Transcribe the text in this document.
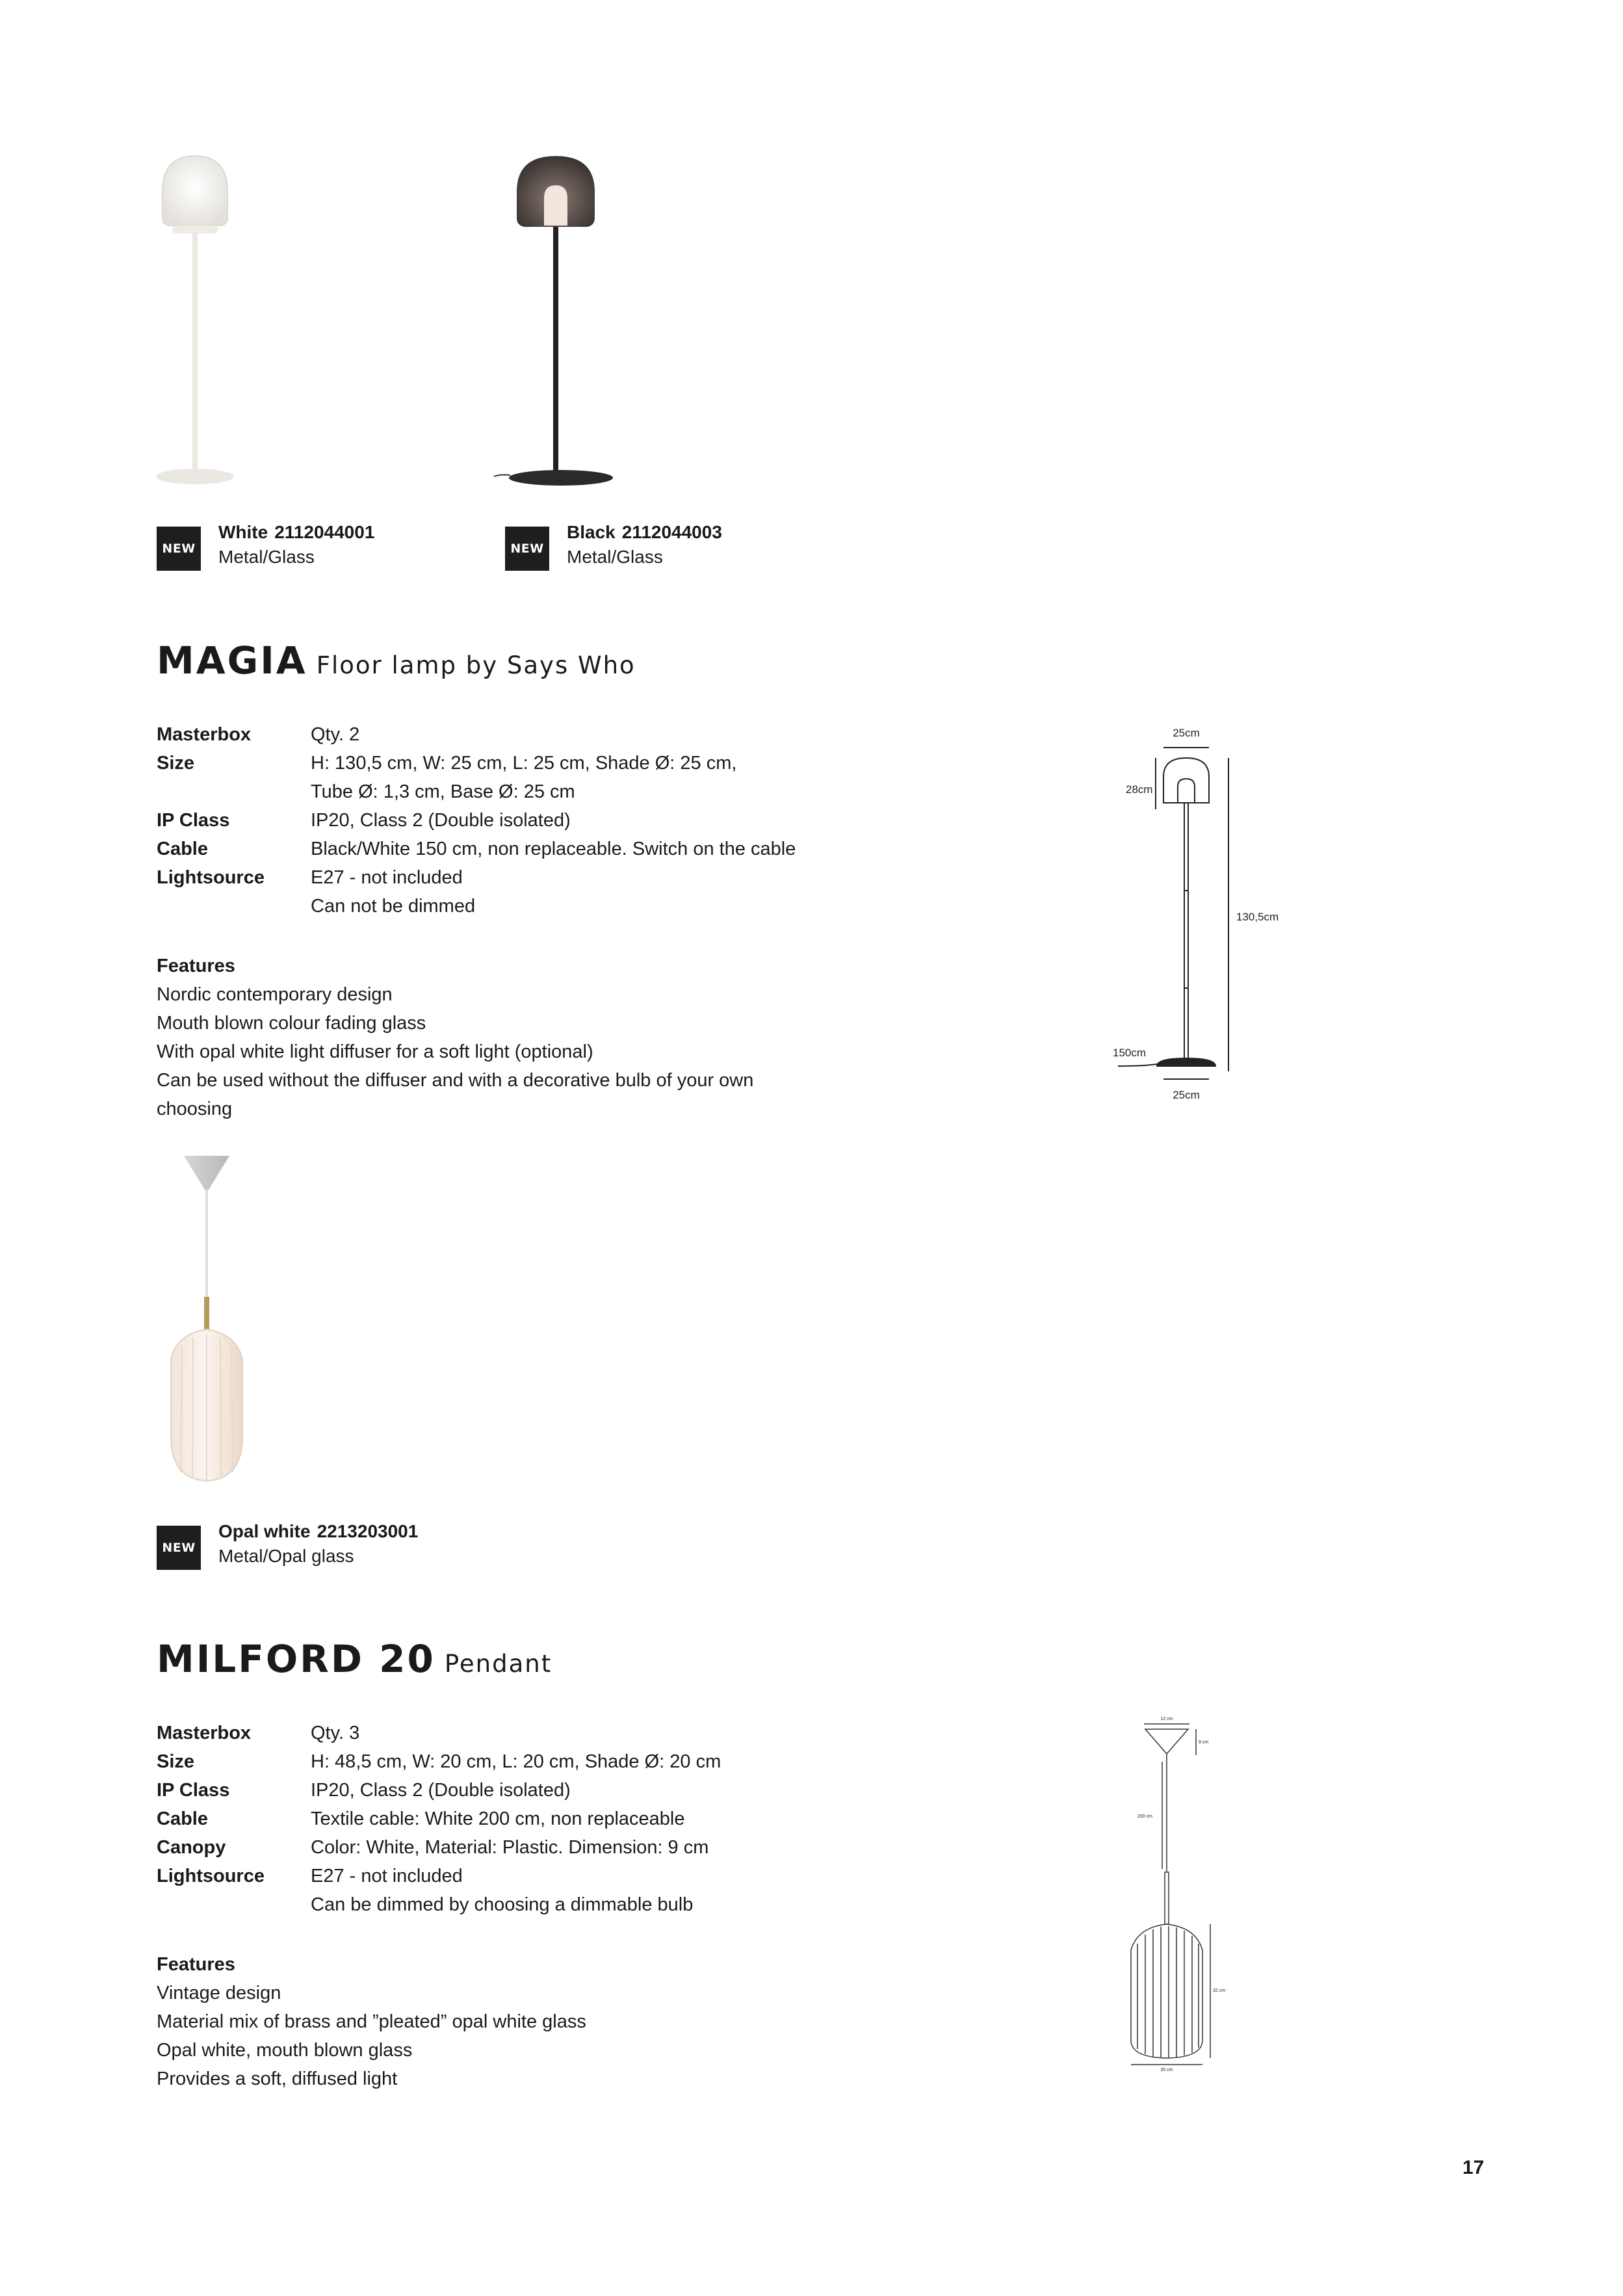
NEW
White 2112044001
Metal/Glass	NEW
Black 2112044003
Metal/Glass
MAGIA Floor lamp by Says Who
Masterbox	Qty. 2
Size	H: 130,5 cm, W: 25 cm, L: 25 cm, Shade Ø: 25 cm,
Tube Ø: 1,3 cm, Base Ø: 25 cm
IP Class	IP20, Class 2 (Double isolated)
Cable	Black/White 150 cm, non replaceable. Switch on the cable
Lightsource	E27 - not included
Can not be dimmed
Features
Nordic contemporary design
Mouth blown colour fading glass
With opal white light diffuser for a soft light (optional)
Can be used without the diffuser and with a decorative bulb of your own
choosing
25cm
28cm
130,5cm
150cm
25cm
NEW
Opal white 2213203001
Metal/Opal glass
MILFORD 20 Pendant
Masterbox	Qty. 3
Size	H: 48,5 cm, W: 20 cm, L: 20 cm, Shade Ø: 20 cm
IP Class	IP20, Class 2 (Double isolated)
Cable	Textile cable: White 200 cm, non replaceable
Canopy	Color: White, Material: Plastic. Dimension: 9 cm
Lightsource	E27 - not included
Can be dimmed by choosing a dimmable bulb
Features
Vintage design
Material mix of brass and ”pleated” opal white glass
Opal white, mouth blown glass
Provides a soft, diffused light
12 cm
9 cm
200 cm
32 cm
20 cm
17
